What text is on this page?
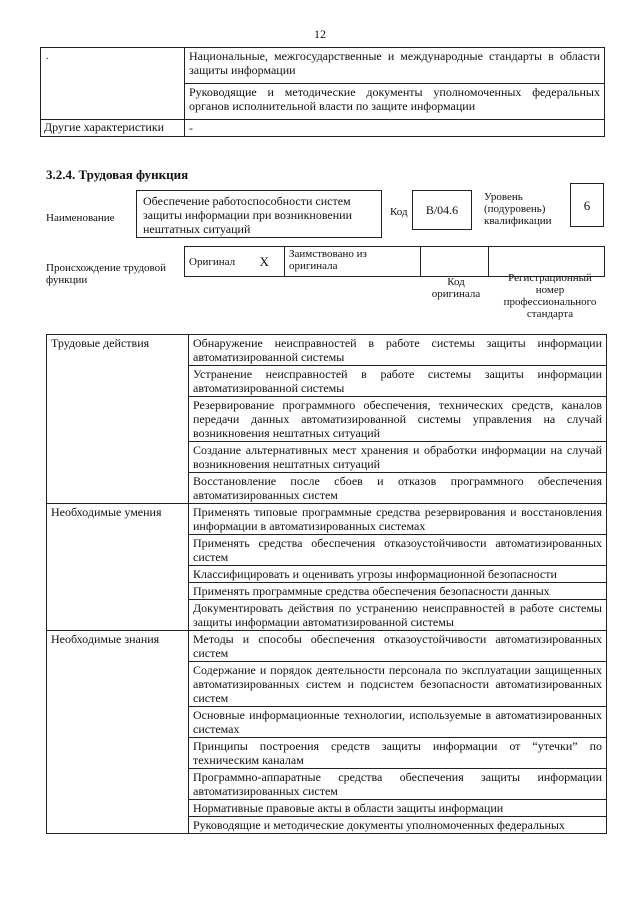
12
.
		Национальные, межгосударственные и международные стандарты в области защиты информации
	Руководящие и методические документы уполномоченных федеральных органов исполнительной власти по защите информации
Другие характеристики	-
3.2.4. Трудовая функция
Наименование
Обеспечение работоспособности систем защиты информации при возникновении нештатных ситуаций
Код	В/04.6
Уровень (подуровень) квалификации
6
Происхождение трудовой функции
Оригинал	X	Заимствовано из оригинала		
Код оригинала
Регистрационный номер профессионального стандарта
Трудовые действия	Обнаружение неисправностей в работе системы защиты информации автоматизированной системы
	Устранение неисправностей в работе системы защиты информации автоматизированной системы
	Резервирование программного обеспечения, технических средств, каналов передачи данных автоматизированной системы управления на случай возникновения нештатных ситуаций
	Создание альтернативных мест хранения и обработки информации на случай возникновения нештатных ситуаций
	Восстановление после сбоев и отказов программного обеспечения автоматизированных систем
Необходимые умения	Применять типовые программные средства резервирования и восстановления информации в автоматизированных системах
	Применять средства обеспечения отказоустойчивости автоматизированных систем
	Классифицировать и оценивать угрозы информационной безопасности
	Применять программные средства обеспечения безопасности данных
	Документировать действия по устранению неисправностей в работе системы защиты информации автоматизированной системы
Необходимые знания	Методы и способы обеспечения отказоустойчивости автоматизированных систем
	Содержание и порядок деятельности персонала по эксплуатации защищенных автоматизированных систем и подсистем безопасности автоматизированных систем
	Основные информационные технологии, используемые в автоматизированных системах
	Принципы построения средств защиты информации от “утечки” по техническим каналам
	Программно-аппаратные средства обеспечения защиты информации автоматизированных систем
	Нормативные правовые акты в области защиты информации
	Руководящие и методические документы уполномоченных федеральных
